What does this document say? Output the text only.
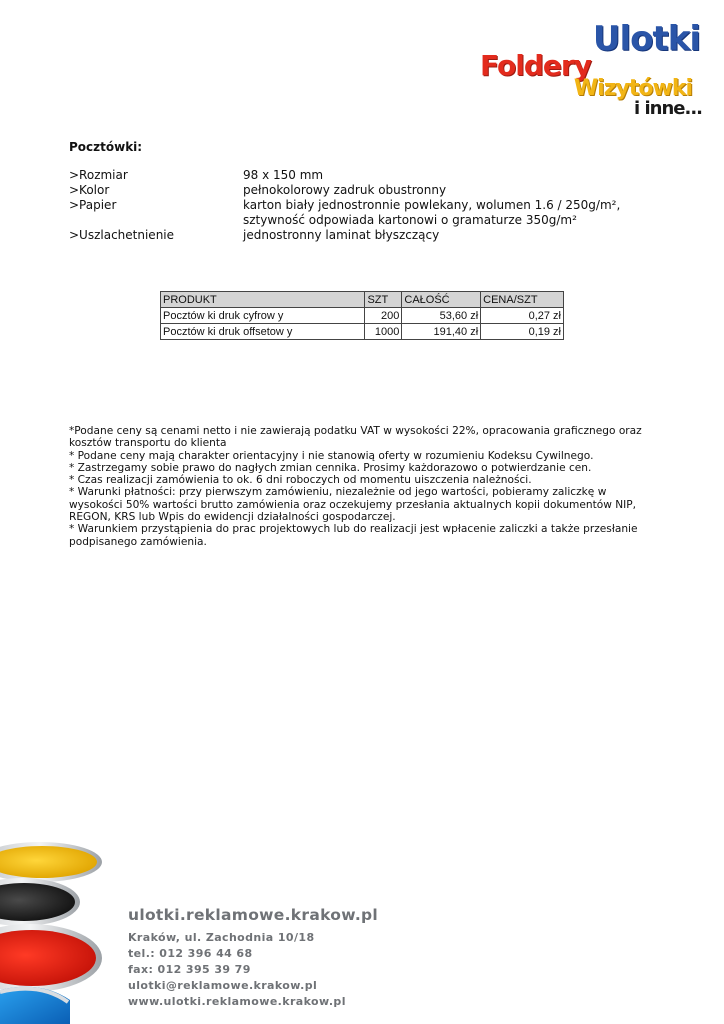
Ulotki
Foldery
Wizytówki
i inne...
Pocztówki:
>Rozmiar	98 x 150 mm
>Kolor	pełnokolorowy zadruk obustronny
>Papier	karton biały jednostronnie powlekany, wolumen 1.6 / 250g/m²,
sztywność odpowiada kartonowi o gramaturze 350g/m²
>Uszlachetnienie	jednostronny laminat błyszczący
PRODUKT	SZT	CAŁOŚĆ	CENA/SZT
Pocztów ki druk cyfrow y	200	53,60 zł	0,27 zł
Pocztów ki druk offsetow y	1000	191,40 zł	0,19 zł

*Podane ceny są cenami netto i nie zawierają podatku VAT w wysokości 22%, opracowania graficznego oraz kosztów transportu do klienta

* Podane ceny mają charakter orientacyjny i nie stanowią oferty w rozumieniu Kodeksu Cywilnego.

* Zastrzegamy sobie prawo do nagłych zmian cennika. Prosimy każdorazowo o potwierdzanie cen.

* Czas realizacji zamówienia to ok. 6 dni roboczych od momentu uiszczenia należności.

* Warunki płatności: przy pierwszym zamówieniu, niezależnie od jego wartości, pobieramy zaliczkę w wysokości 50% wartości brutto zamówienia oraz oczekujemy przesłania aktualnych kopii dokumentów NIP, REGON, KRS lub Wpis do ewidencji działalności gospodarczej.

* Warunkiem przystąpienia do prac projektowych lub do realizacji jest wpłacenie zaliczki a także przesłanie podpisanego zamówienia.

ulotki.reklamowe.krakow.pl
Kraków, ul. Zachodnia 10/18
tel.: 012 396 44 68
fax: 012 395 39 79
ulotki@reklamowe.krakow.pl
www.ulotki.reklamowe.krakow.pl
